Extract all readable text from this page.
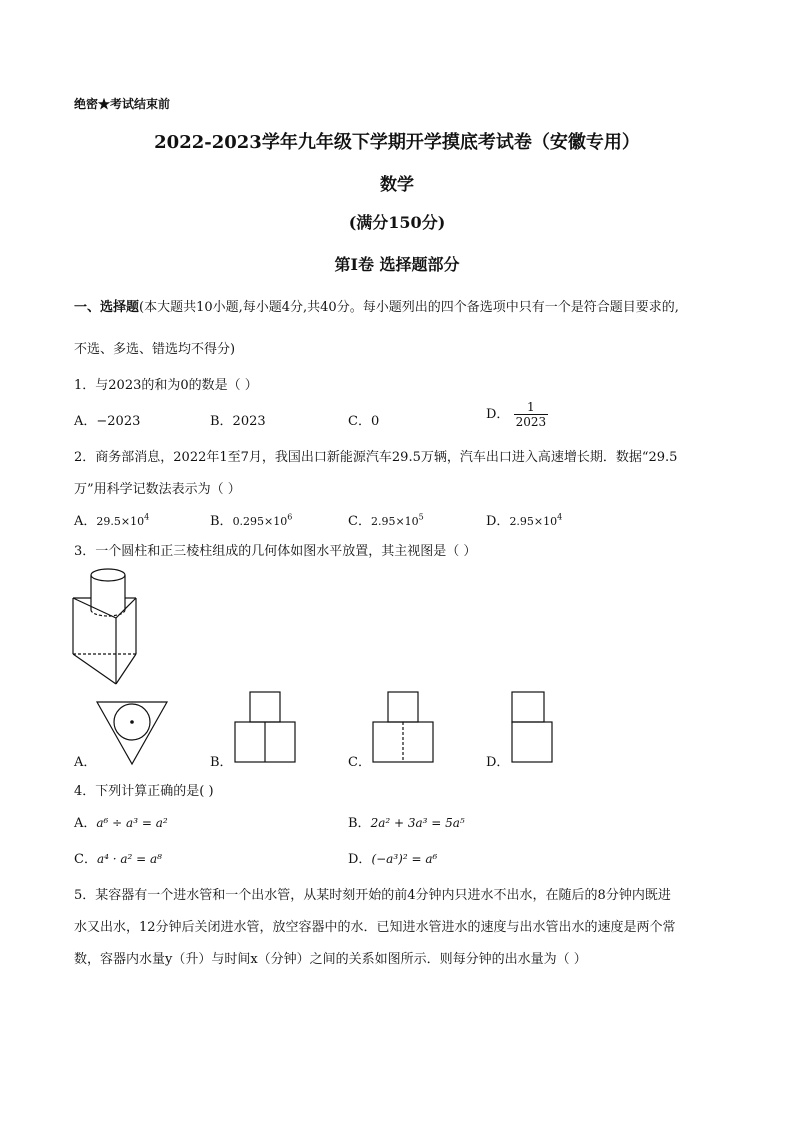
绝密★考试结束前
2022-2023学年九年级下学期开学摸底考试卷（安徽专用）
数学
(满分150分)
第Ⅰ卷 选择题部分
一、选择题(本大题共10小题,每小题4分,共40分。每小题列出的四个备选项中只有一个是符合题目要求的,
不选、多选、错选均不得分)
1．与2023的和为0的数是（ ）
A．−2023	B．2023	C．0	D． $\frac{1}{2023}$
2．商务部消息，2022年1至7月，我国出口新能源汽车29.5万辆，汽车出口进入高速增长期．数据“29.5
万”用科学记数法表示为（ ）
A．$29.5\times 10^4$	B．$0.295\times 10^6$	C．$2.95\times 10^5$	D．$2.95\times 10^4$
3．一个圆柱和正三棱柱组成的几何体如图水平放置，其主视图是（ ）
A．	B．	C．	D．
4．下列计算正确的是( )
A．a⁶ ÷ a³ = a²	B．2a² + 3a³ = 5a⁵
C．a⁴ · a² = a⁸	D．(−a³)² = a⁶
5．某容器有一个进水管和一个出水管，从某时刻开始的前4分钟内只进水不出水，在随后的8分钟内既进
水又出水，12分钟后关闭进水管，放空容器中的水．已知进水管进水的速度与出水管出水的速度是两个常
数，容器内水量y（升）与时间x（分钟）之间的关系如图所示．则每分钟的出水量为（ ）
